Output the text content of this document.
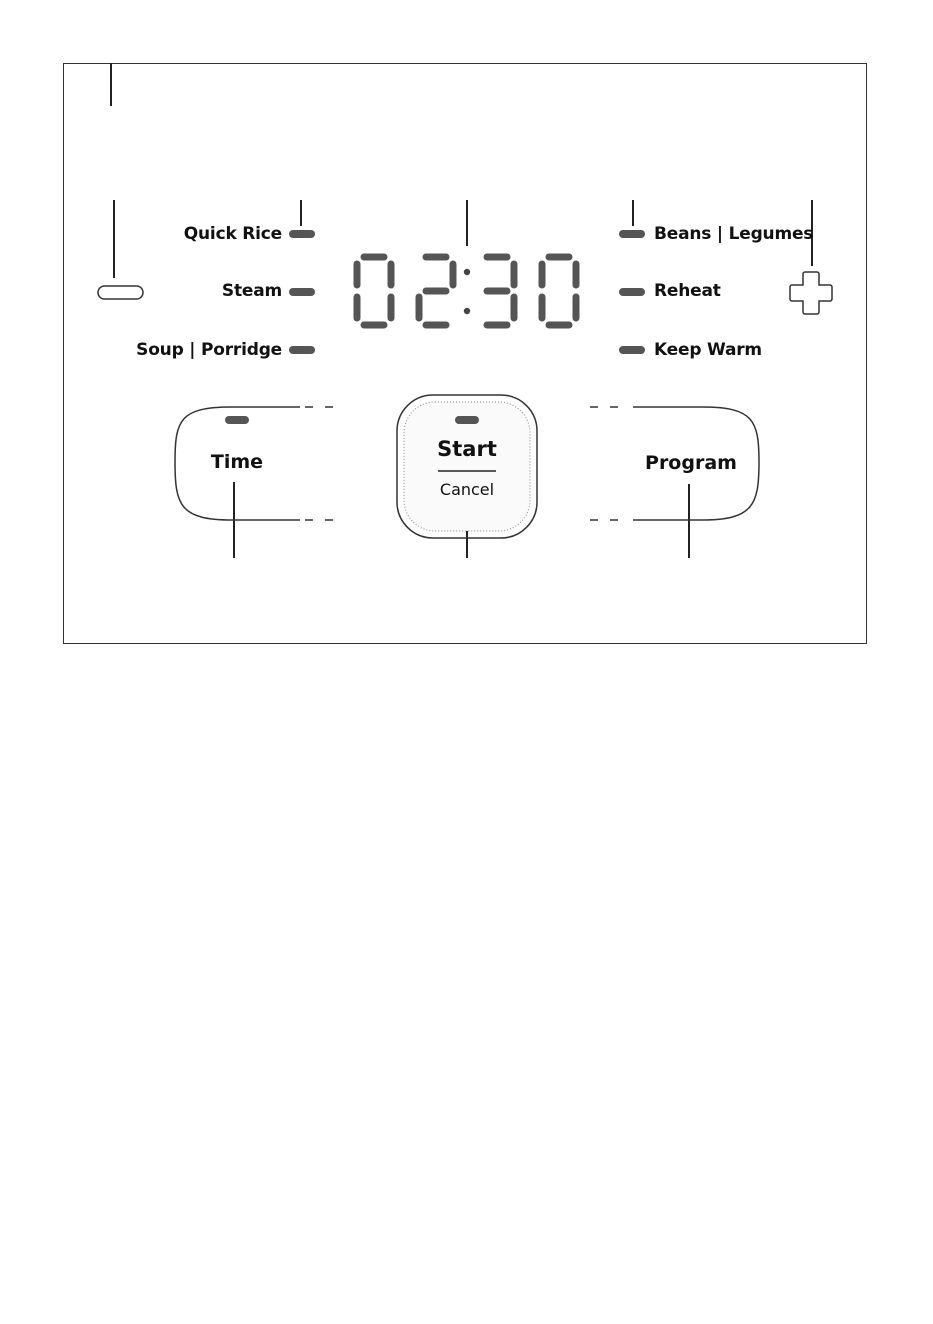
Quick Rice
Steam
Soup | Porridge
Beans | Legumes
Reheat
Keep Warm
Time	Program
Start
Cancel
